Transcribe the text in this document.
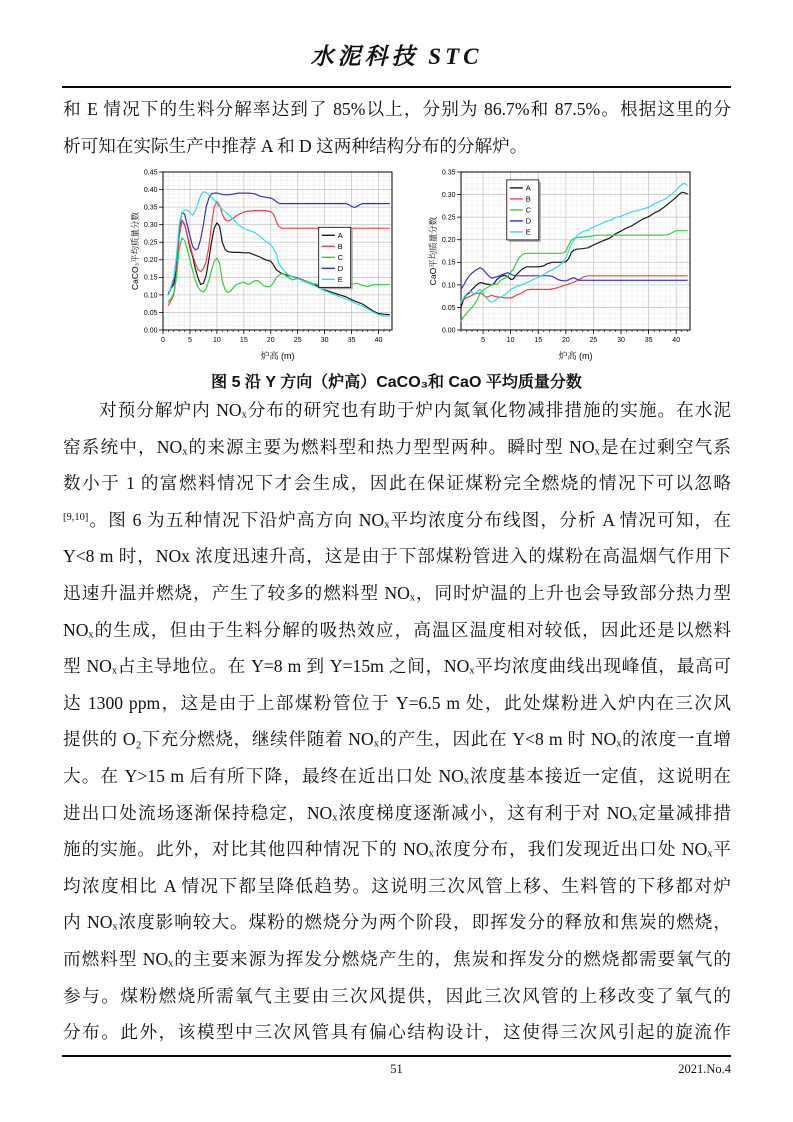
水泥科技 STC
和 E 情况下的生料分解率达到了 85%以上，分别为 86.7%和 87.5%。根据这里的分
析可知在实际生产中推荐 A 和 D 这两种结构分布的分解炉。
0	5	10	15	20	25	30	35	40
0.00
0.05
0.10
0.15
0.20
0.25
0.30
0.35
0.40
0.45
炉高 (m)
CaCO₃平均质量分数	A
B
C
D
E
5	10	15	20	25	30	35	40
0.00
0.05
0.10
0.15
0.20
0.25
0.30
0.35
炉高 (m)
CaO平均质量分数
A
B
C
D
E
图 5 沿 Y 方向（炉高）CaCO₃和 CaO 平均质量分数
对预分解炉内 NOₓ分布的研究也有助于炉内氮氧化物减排措施的实施。在水泥
窑系统中，NOₓ的来源主要为燃料型和热力型型两种。瞬时型 NOₓ是在过剩空气系
数小于 1 的富燃料情况下才会生成，因此在保证煤粉完全燃烧的情况下可以忽略
[9,10]。图 6 为五种情况下沿炉高方向 NOₓ平均浓度分布线图，分析 A 情况可知，在
Y<8 m 时，NOx 浓度迅速升高，这是由于下部煤粉管进入的煤粉在高温烟气作用下
迅速升温并燃烧，产生了较多的燃料型 NOₓ，同时炉温的上升也会导致部分热力型
NOₓ的生成，但由于生料分解的吸热效应，高温区温度相对较低，因此还是以燃料
型 NOₓ占主导地位。在 Y=8 m 到 Y=15m 之间，NOₓ平均浓度曲线出现峰值，最高可
达 1300 ppm，这是由于上部煤粉管位于 Y=6.5 m 处，此处煤粉进入炉内在三次风
提供的 O₂下充分燃烧，继续伴随着 NOₓ的产生，因此在 Y<8 m 时 NOₓ的浓度一直增
大。在 Y>15 m 后有所下降，最终在近出口处 NOₓ浓度基本接近一定值，这说明在
进出口处流场逐渐保持稳定，NOₓ浓度梯度逐渐减小，这有利于对 NOₓ定量减排措
施的实施。此外，对比其他四种情况下的 NOₓ浓度分布，我们发现近出口处 NOₓ平
均浓度相比 A 情况下都呈降低趋势。这说明三次风管上移、生料管的下移都对炉
内 NOₓ浓度影响较大。煤粉的燃烧分为两个阶段，即挥发分的释放和焦炭的燃烧，
而燃料型 NOₓ的主要来源为挥发分燃烧产生的，焦炭和挥发分的燃烧都需要氧气的
参与。煤粉燃烧所需氧气主要由三次风提供，因此三次风管的上移改变了氧气的
分布。此外，该模型中三次风管具有偏心结构设计，这使得三次风引起的旋流作
51	2021.No.4
